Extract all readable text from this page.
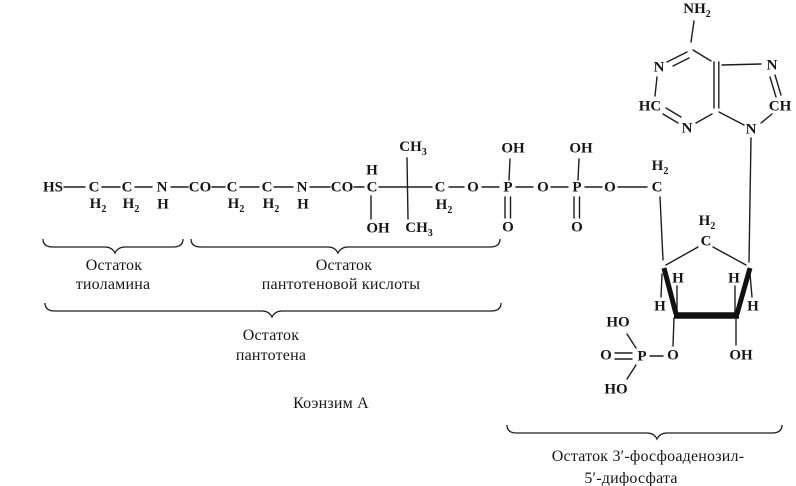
HS C
$H_2$
C
$H_2$
N
H
CO C
$H_2$
C
$H_2$
N
H
CO C
H
OH
$CH_3$
$CH_3$
C
$H_2$
O P
OH
O
O P
OH
O
O C
$H_2$
$NH_2$
N
HC
N
N
CH
N
$H_2$
C
H	H
H	H
O	OH
HO
O P
HO
Остаток
тиоламина
Остаток
пантотеновой кислоты
Остаток
пантотена
Коэнзим А
Остаток 3′-фосфоаденозил-
5′-дифосфата
